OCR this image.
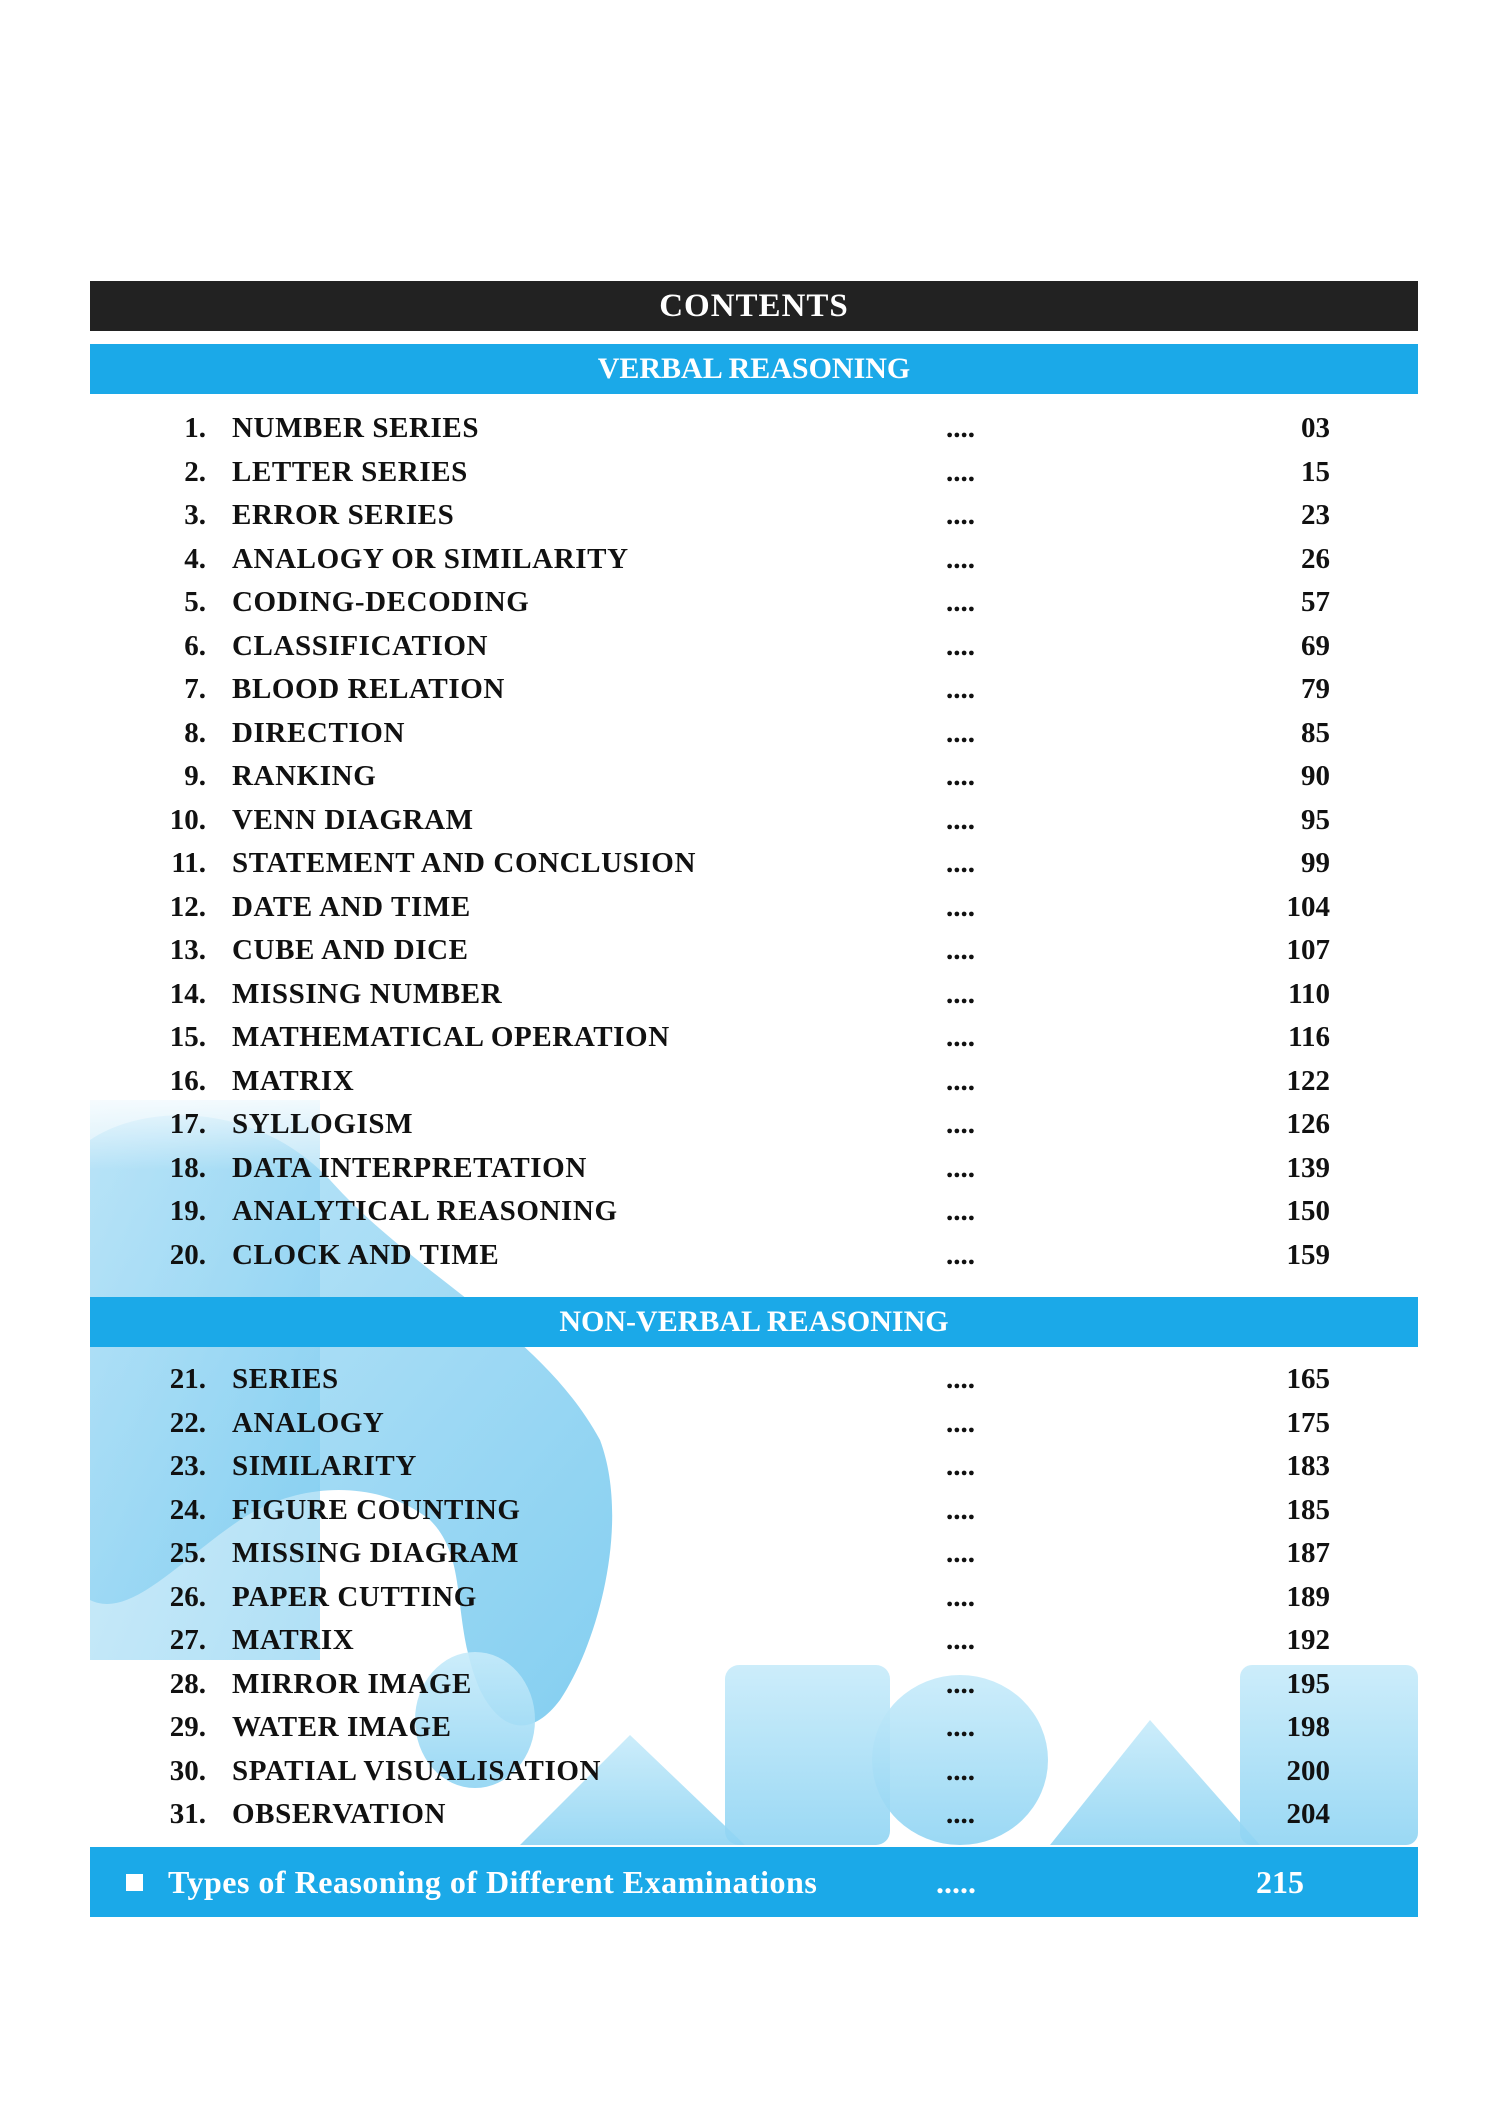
CONTENTS
VERBAL REASONING
1. NUMBER SERIES	....	03
2. LETTER SERIES	....	15
3. ERROR SERIES	....	23
4. ANALOGY OR SIMILARITY	....	26
5. CODING-DECODING	....	57
6. CLASSIFICATION	....	69
7. BLOOD RELATION	....	79
8. DIRECTION	....	85
9. RANKING	....	90
10. VENN DIAGRAM	....	95
11. STATEMENT AND CONCLUSION	....	99
12. DATE AND TIME	....	104
13. CUBE AND DICE	....	107
14. MISSING NUMBER	....	110
15. MATHEMATICAL OPERATION	....	116
16. MATRIX	....	122
17. SYLLOGISM	....	126
18. DATA INTERPRETATION	....	139
19. ANALYTICAL REASONING	....	150
20. CLOCK AND TIME	....	159
NON-VERBAL REASONING
21. SERIES	....	165
22. ANALOGY	....	175
23. SIMILARITY	....	183
24. FIGURE COUNTING	....	185
25. MISSING DIAGRAM	....	187
26. PAPER CUTTING	....	189
27. MATRIX	....	192
28. MIRROR IMAGE	....	195
29. WATER IMAGE	....	198
30. SPATIAL VISUALISATION	....	200
31. OBSERVATION	....	204
Types of Reasoning of Different Examinations	.....	215
